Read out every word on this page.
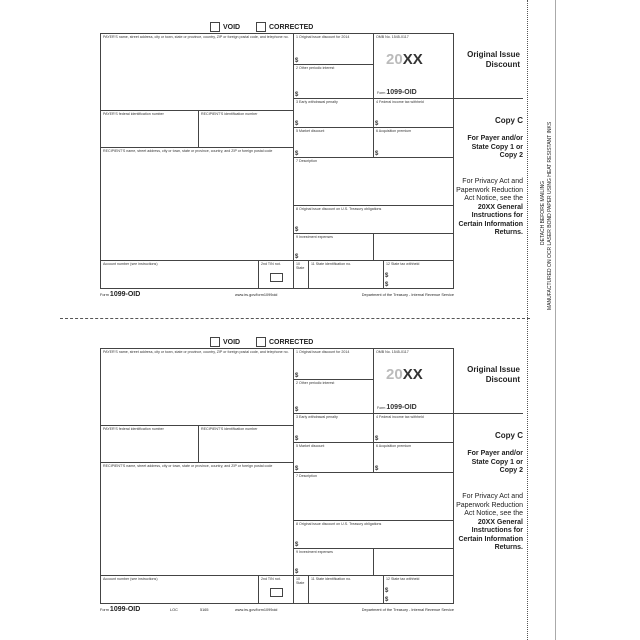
DETACH BEFORE MAILING MANUFACTURED ON OCR LASER BOND PAPER USING HEAT RESISTANT INKS
VOID	CORRECTED
PAYER'S name, street address, city or town, state or province, country, ZIP or foreign postal code, and telephone no.
PAYER'S federal identification number	RECIPIENT'S identification number
RECIPIENT'S name, street address, city or town, state or province, country, and ZIP or foreign postal code
Account number (see instructions)	2nd TIN not.
1 Original issue discount for 2014
$
2 Other periodic interest
$
OMB No. 1545-0117
20XX
Form 1099-OID
3 Early withdrawal penalty
$
4 Federal income tax withheld
$
5 Market discount
$
6 Acquisition premium
$
7 Description
8 Original issue discount on U.S. Treasury obligations
$
9 Investment expenses
$
10 State
11 State identification no.	12 State tax withheld
$
$
Original Issue Discount
Copy C
For Payer and/or State Copy 1 or Copy 2
For Privacy Act and Paperwork Reduction Act Notice, see the 20XX General Instructions for Certain Information Returns.
Form 1099-OID	www.irs.gov/form1099oid	Department of the Treasury - Internal Revenue Service
VOID	CORRECTED
PAYER'S name, street address, city or town, state or province, country, ZIP or foreign postal code, and telephone no.
PAYER'S federal identification number	RECIPIENT'S identification number
RECIPIENT'S name, street address, city or town, state or province, country, and ZIP or foreign postal code
Account number (see instructions)	2nd TIN not.
1 Original issue discount for 2014
$
2 Other periodic interest
$
OMB No. 1545-0117
20XX
Form 1099-OID
3 Early withdrawal penalty
$
4 Federal income tax withheld
$
5 Market discount
$
6 Acquisition premium
$
7 Description
8 Original issue discount on U.S. Treasury obligations
$
9 Investment expenses
$
10 State
11 State identification no.	12 State tax withheld
$
$
Original Issue Discount
Copy C
For Payer and/or State Copy 1 or Copy 2
For Privacy Act and Paperwork Reduction Act Notice, see the 20XX General Instructions for Certain Information Returns.
Form 1099-OID	LOC	5165	www.irs.gov/form1099oid	Department of the Treasury - Internal Revenue Service
